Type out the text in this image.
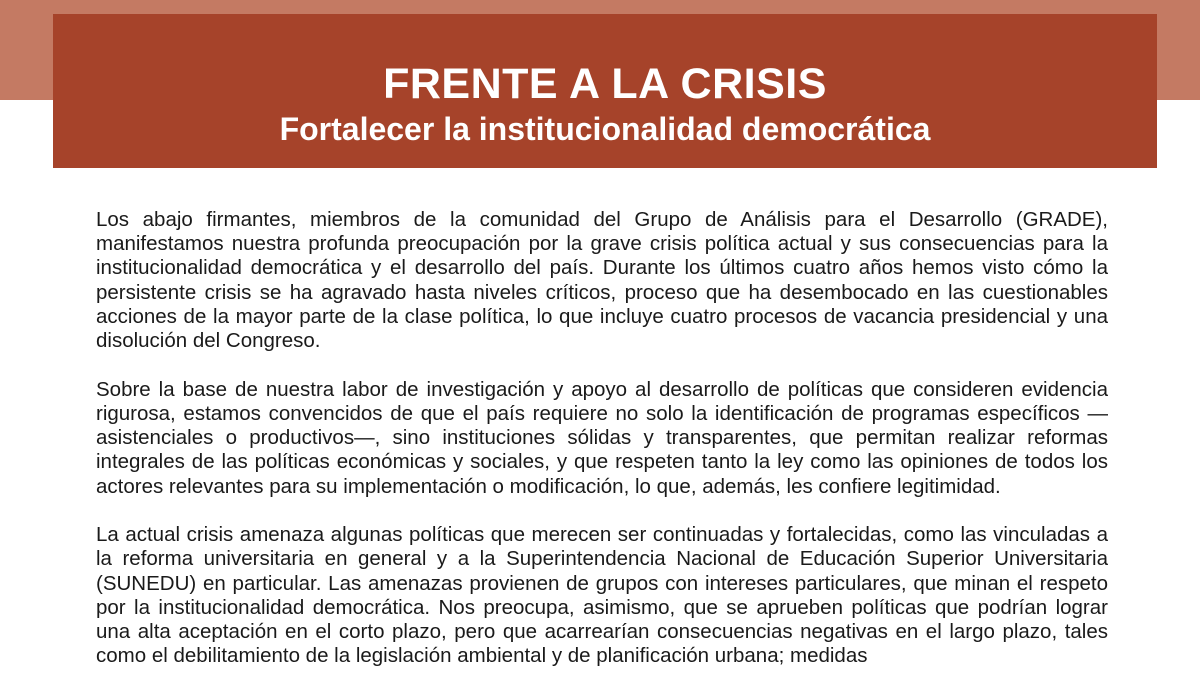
FRENTE A LA CRISIS
Fortalecer la institucionalidad democrática

Los abajo firmantes, miembros de la comunidad del Grupo de Análisis para el Desarrollo (GRADE), manifestamos nuestra profunda preocupación por la grave crisis política actual y sus consecuencias para la institucionalidad democrática y el desarrollo del país. Durante los últimos cuatro años hemos visto cómo la persistente crisis se ha agravado hasta niveles críticos, proceso que ha desembocado en las cuestionables acciones de la mayor parte de la clase política, lo que incluye cuatro procesos de vacancia presidencial y una disolución del Congreso.

Sobre la base de nuestra labor de investigación y apoyo al desarrollo de políticas que consideren evidencia rigurosa, estamos convencidos de que el país requiere no solo la identificación de programas específicos —asistenciales o productivos—, sino instituciones sólidas y transparentes, que permitan realizar reformas integrales de las políticas económicas y sociales, y que respeten tanto la ley como las opiniones de todos los actores relevantes para su implementación o modificación, lo que, además, les confiere legitimidad.

La actual crisis amenaza algunas políticas que merecen ser continuadas y fortalecidas, como las vinculadas a la reforma universitaria en general y a la Superintendencia Nacional de Educación Superior Universitaria (SUNEDU) en particular. Las amenazas provienen de grupos con intereses particulares, que minan el respeto por la institucionalidad democrática. Nos preocupa, asimismo, que se aprueben políticas que podrían lograr una alta aceptación en el corto plazo, pero que acarrearían consecuencias negativas en el largo plazo, tales como el debilitamiento de la legislación ambiental y de planificación urbana; medidas
